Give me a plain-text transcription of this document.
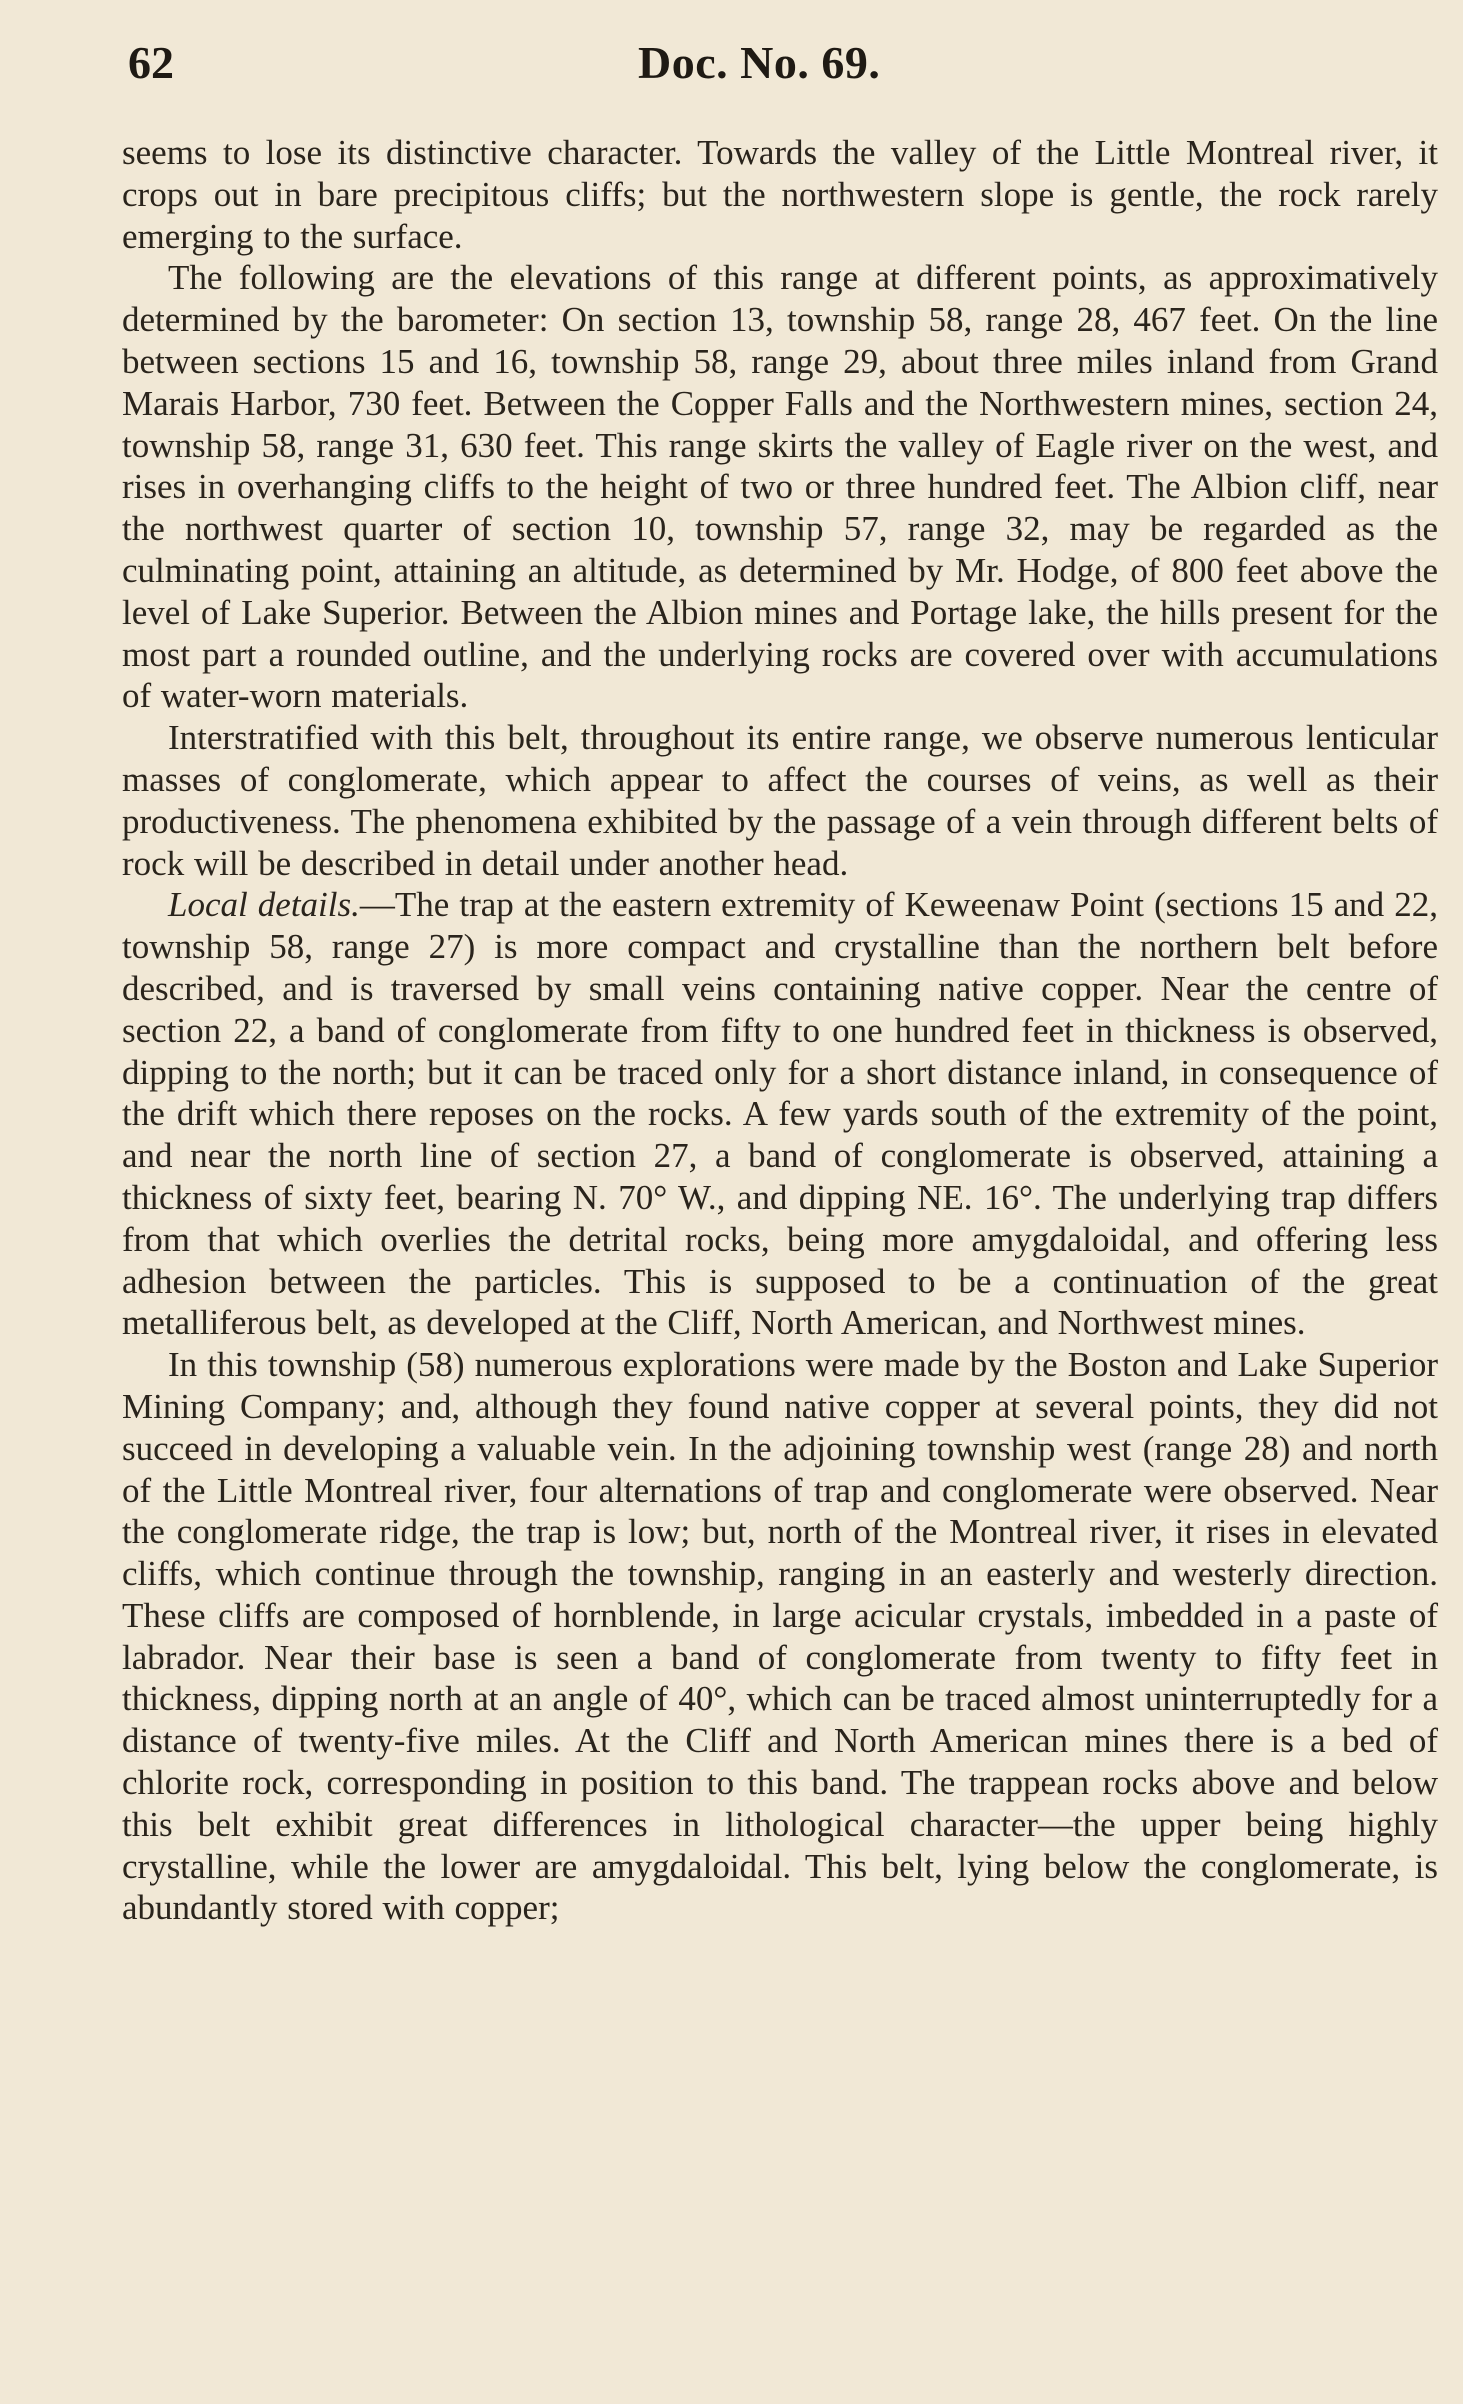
62	Doc. No. 69.

seems to lose its distinctive character. Towards the valley of the Little Montreal river, it crops out in bare precipitous cliffs; but the northwestern slope is gentle, the rock rarely emerging to the surface.

The following are the elevations of this range at different points, as approximatively determined by the barometer: On section 13, township 58, range 28, 467 feet. On the line between sections 15 and 16, township 58, range 29, about three miles inland from Grand Marais Harbor, 730 feet. Between the Copper Falls and the Northwestern mines, section 24, township 58, range 31, 630 feet. This range skirts the valley of Eagle river on the west, and rises in overhanging cliffs to the height of two or three hundred feet. The Albion cliff, near the northwest quarter of section 10, township 57, range 32, may be regarded as the culminating point, attaining an altitude, as determined by Mr. Hodge, of 800 feet above the level of Lake Superior. Between the Albion mines and Portage lake, the hills present for the most part a rounded outline, and the underlying rocks are covered over with accumulations of water-worn materials.

Interstratified with this belt, throughout its entire range, we observe numerous lenticular masses of conglomerate, which appear to affect the courses of veins, as well as their productiveness. The phenomena exhibited by the passage of a vein through different belts of rock will be described in detail under another head.

Local details.—The trap at the eastern extremity of Keweenaw Point (sections 15 and 22, township 58, range 27) is more compact and crystalline than the northern belt before described, and is traversed by small veins containing native copper. Near the centre of section 22, a band of conglomerate from fifty to one hundred feet in thickness is observed, dipping to the north; but it can be traced only for a short distance inland, in consequence of the drift which there reposes on the rocks. A few yards south of the extremity of the point, and near the north line of section 27, a band of conglomerate is observed, attaining a thickness of sixty feet, bearing N. 70° W., and dipping NE. 16°. The underlying trap differs from that which overlies the detrital rocks, being more amygdaloidal, and offering less adhesion between the particles. This is supposed to be a continuation of the great metalliferous belt, as developed at the Cliff, North American, and Northwest mines.

In this township (58) numerous explorations were made by the Boston and Lake Superior Mining Company; and, although they found native copper at several points, they did not succeed in developing a valuable vein. In the adjoining township west (range 28) and north of the Little Montreal river, four alternations of trap and conglomerate were observed. Near the conglomerate ridge, the trap is low; but, north of the Montreal river, it rises in elevated cliffs, which continue through the township, ranging in an easterly and westerly direction. These cliffs are composed of hornblende, in large acicular crystals, imbedded in a paste of labrador. Near their base is seen a band of conglomerate from twenty to fifty feet in thickness, dipping north at an angle of 40°, which can be traced almost uninterruptedly for a distance of twenty-five miles. At the Cliff and North American mines there is a bed of chlorite rock, corresponding in position to this band. The trappean rocks above and below this belt exhibit great differences in lithological character—the upper being highly crystalline, while the lower are amygdaloidal. This belt, lying below the conglomerate, is abundantly stored with copper;
